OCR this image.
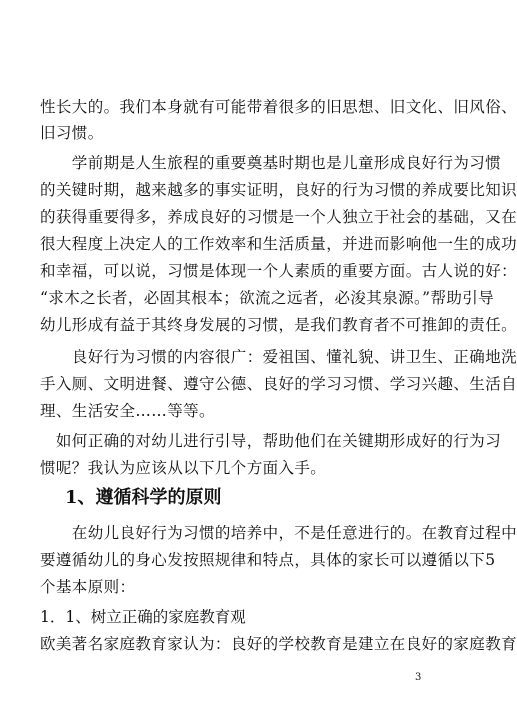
性长大的。我们本身就有可能带着很多的旧思想、旧文化、旧风俗、
旧习惯。
　　学前期是人生旅程的重要奠基时期也是儿童形成良好行为习惯
的关键时期，越来越多的事实证明，良好的行为习惯的养成要比知识
的获得重要得多，养成良好的习惯是一个人独立于社会的基础，又在
很大程度上决定人的工作效率和生活质量，并进而影响他一生的成功
和幸福，可以说，习惯是体现一个人素质的重要方面。古人说的好：
“求木之长者，必固其根本；欲流之远者，必浚其泉源。”帮助引导
幼儿形成有益于其终身发展的习惯，是我们教育者不可推卸的责任。
　　良好行为习惯的内容很广：爱祖国、懂礼貌、讲卫生、正确地洗
手入厕、文明进餐、遵守公德、良好的学习习惯、学习兴趣、生活自
理、生活安全……等等。
　如何正确的对幼儿进行引导，帮助他们在关键期形成好的行为习
惯呢？我认为应该从以下几个方面入手。
1、遵循科学的原则
　　在幼儿良好行为习惯的培养中，不是任意进行的。在教育过程中
要遵循幼儿的身心发按照规律和特点，具体的家长可以遵循以下5
个基本原则：
1．1、树立正确的家庭教育观
欧美著名家庭教育家认为：良好的学校教育是建立在良好的家庭教育
3
